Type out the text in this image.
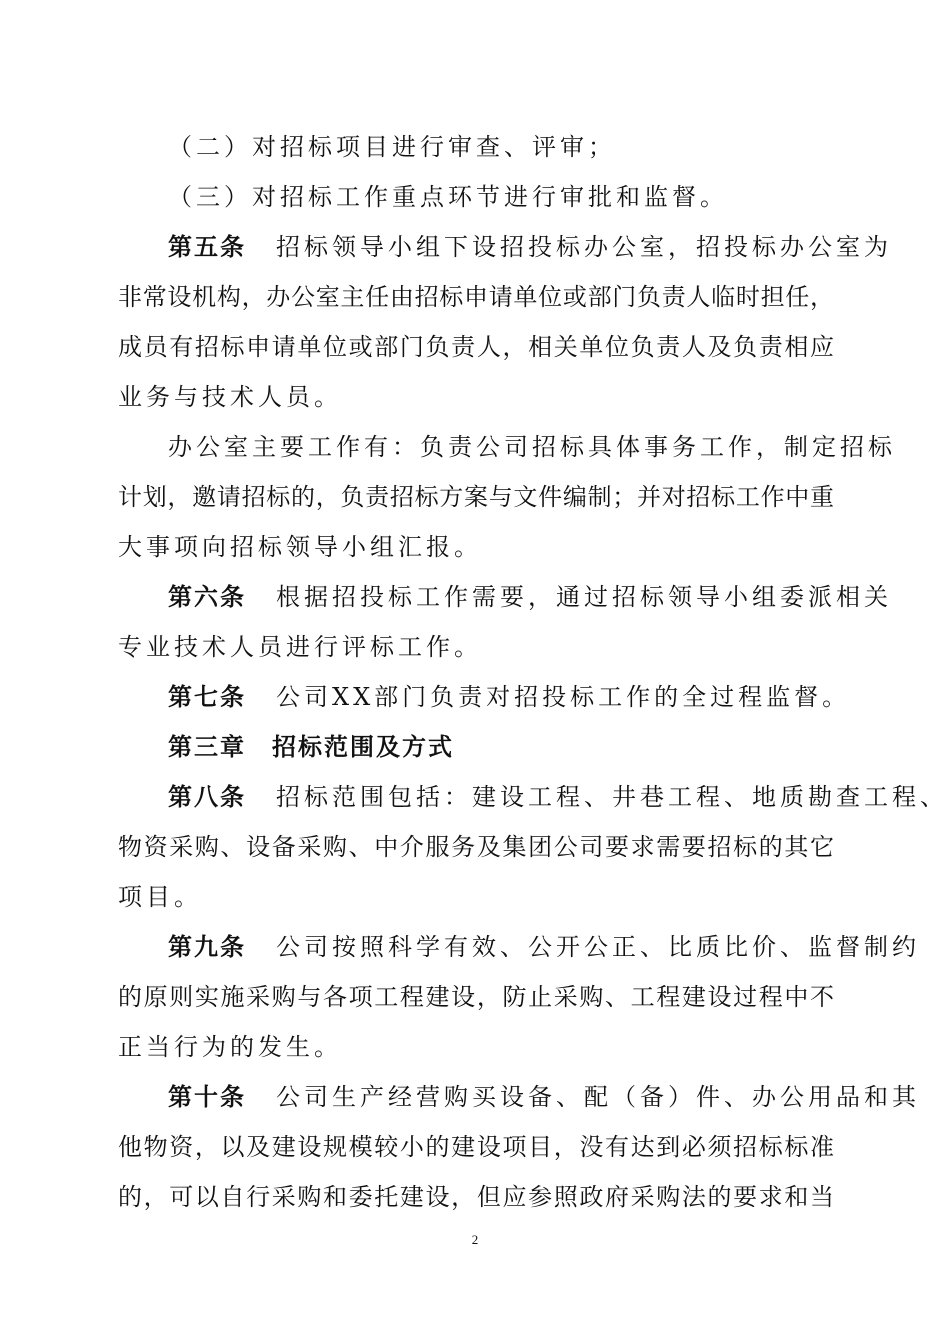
（二）对招标项目进行审查、评审；
（三）对招标工作重点环节进行审批和监督。
第五条 招标领导小组下设招投标办公室，招投标办公室为
非常设机构，办公室主任由招标申请单位或部门负责人临时担任，
成员有招标申请单位或部门负责人，相关单位负责人及负责相应
业务与技术人员。
办公室主要工作有：负责公司招标具体事务工作，制定招标
计划，邀请招标的，负责招标方案与文件编制；并对招标工作中重
大事项向招标领导小组汇报。
第六条 根据招投标工作需要，通过招标领导小组委派相关
专业技术人员进行评标工作。
第七条 公司XX部门负责对招投标工作的全过程监督。
第三章　招标范围及方式
第八条 招标范围包括：建设工程、井巷工程、地质勘查工程、
物资采购、设备采购、中介服务及集团公司要求需要招标的其它
项目。
第九条 公司按照科学有效、公开公正、比质比价、监督制约
的原则实施采购与各项工程建设，防止采购、工程建设过程中不
正当行为的发生。
第十条 公司生产经营购买设备、配（备）件、办公用品和其
他物资，以及建设规模较小的建设项目，没有达到必须招标标准
的，可以自行采购和委托建设，但应参照政府采购法的要求和当
2
